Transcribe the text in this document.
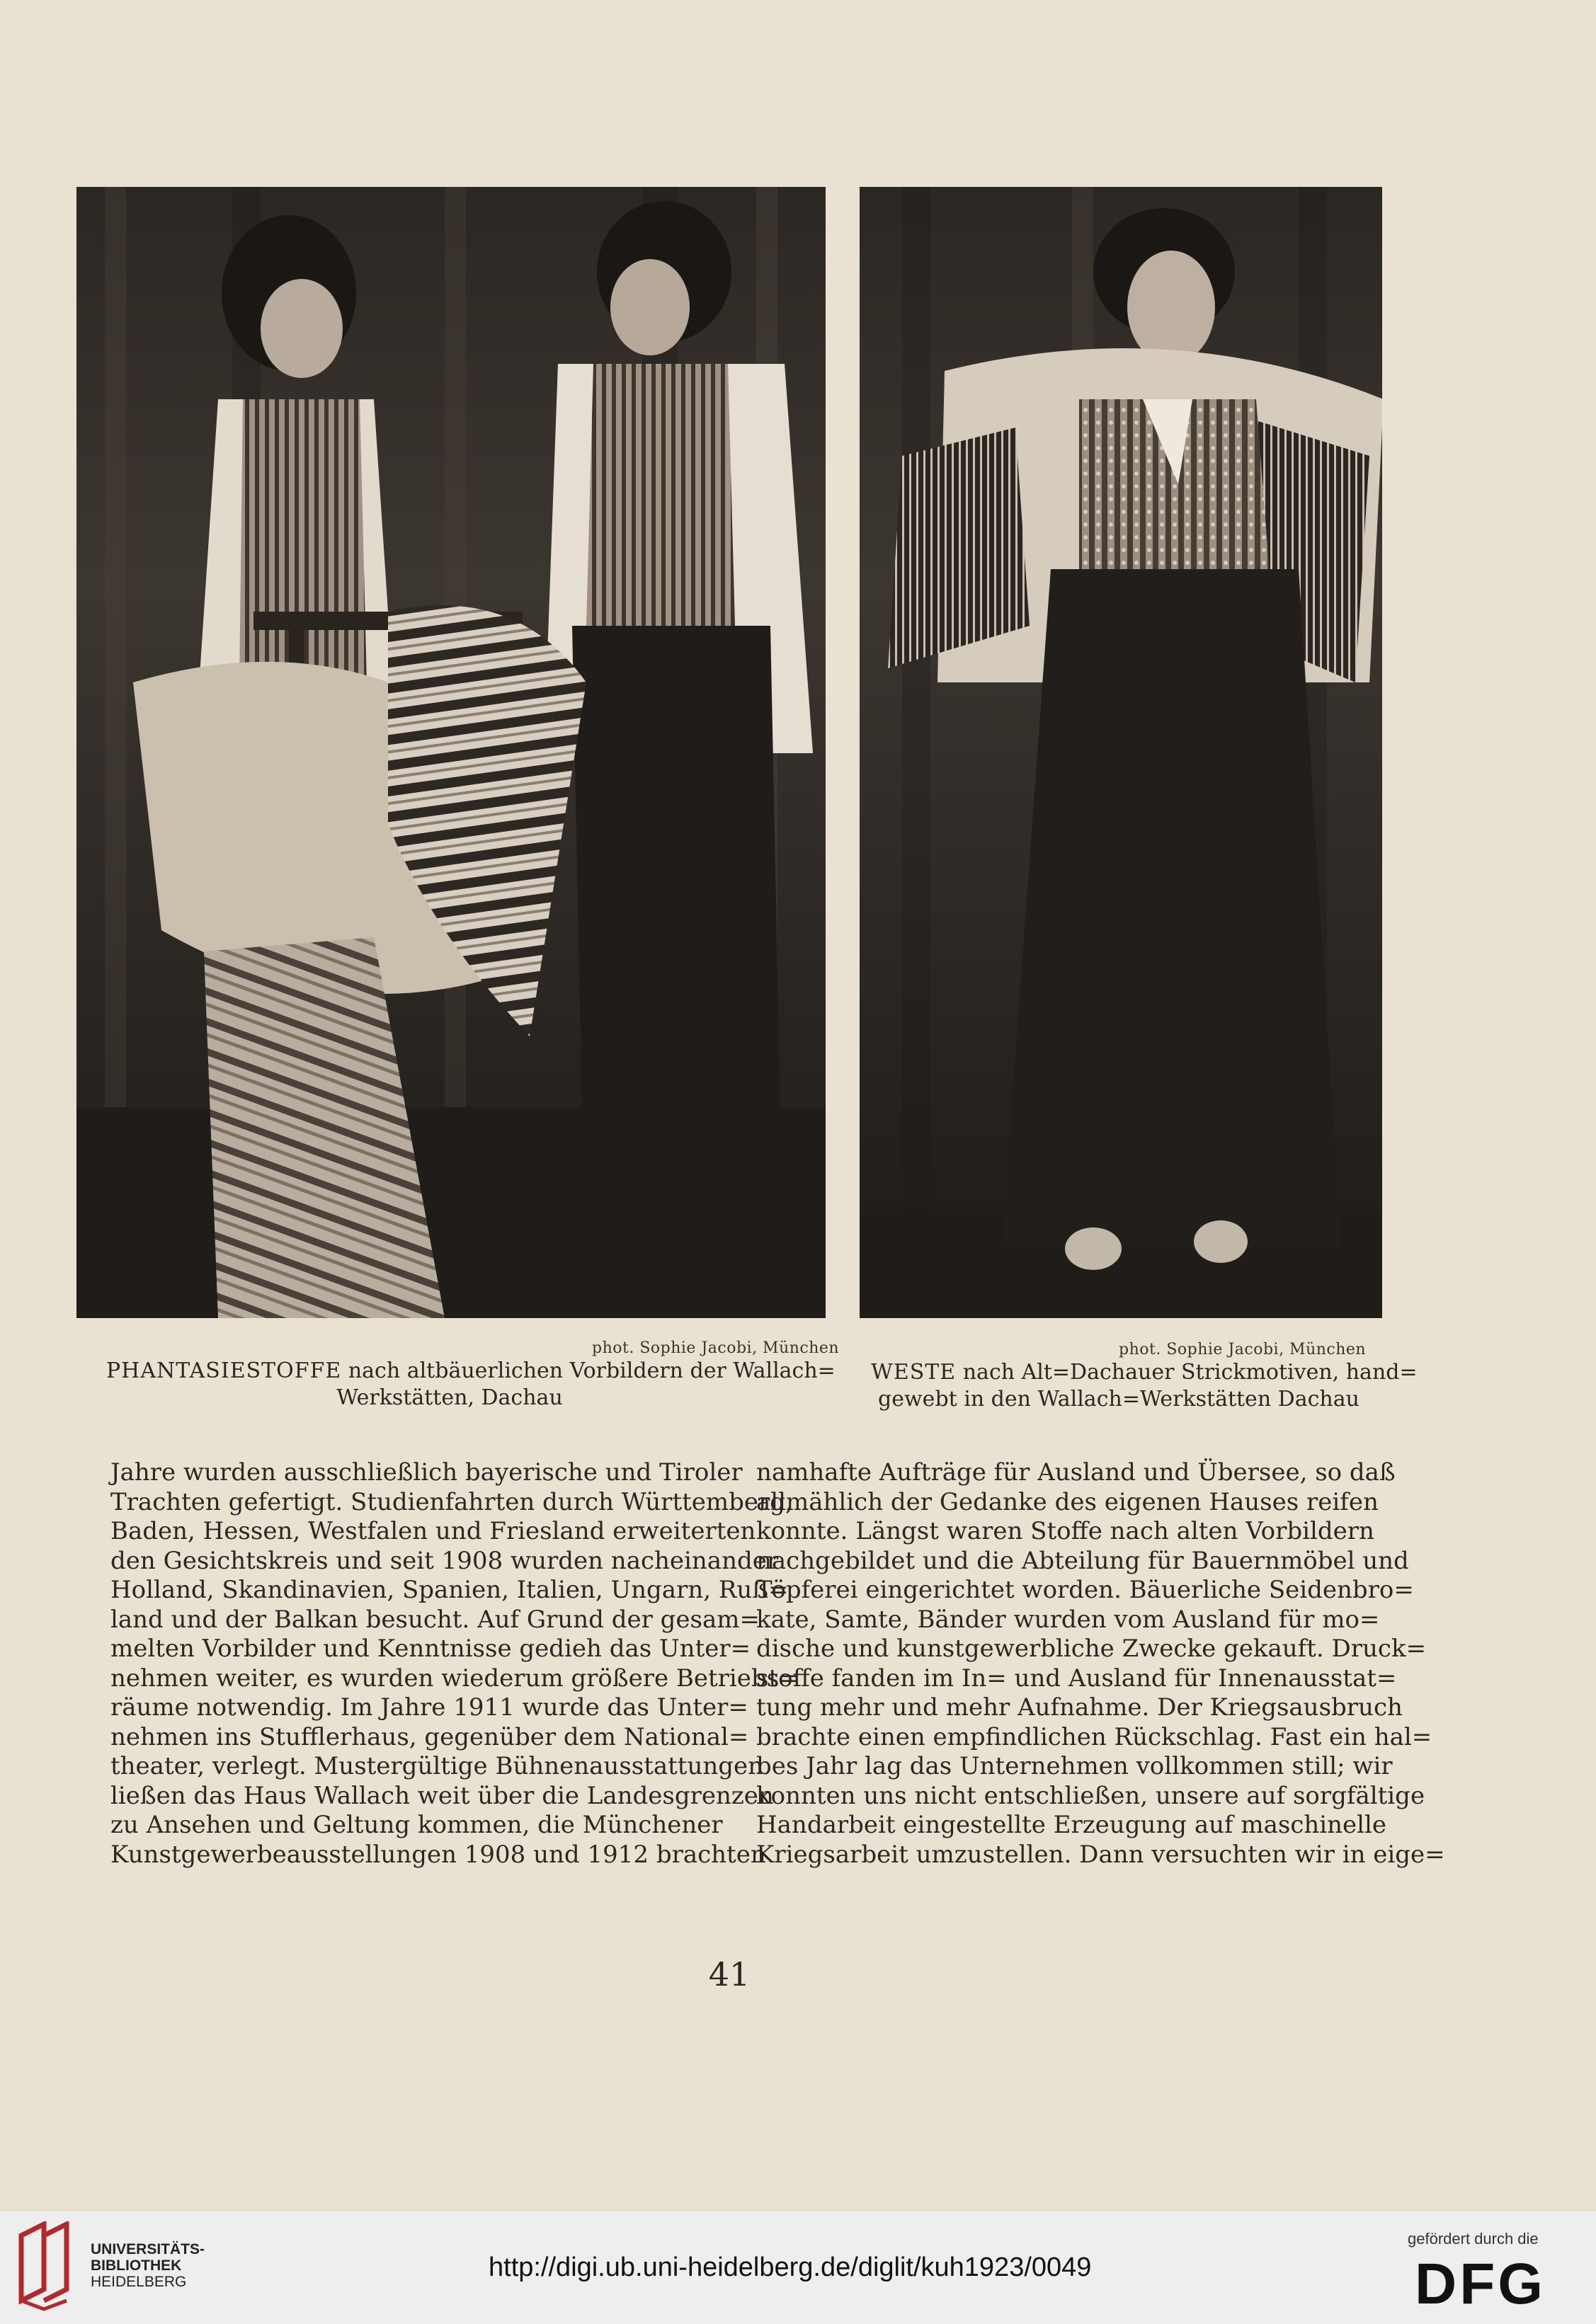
phot. Sophie Jacobi, München
PHANTASIESTOFFE nach altbäuerlichen Vorbildern der Wallach=
Werkstätten, Dachau
phot. Sophie Jacobi, München
WESTE nach Alt=Dachauer Strickmotiven, hand=
gewebt in den Wallach=Werkstätten Dachau
Jahre wurden ausschließlich bayerische und Tiroler
Trachten gefertigt. Studienfahrten durch Württemberg,
Baden, Hessen, Westfalen und Friesland erweiterten
den Gesichtskreis und seit 1908 wurden nacheinander
Holland, Skandinavien, Spanien, Italien, Ungarn, Ruß=
land und der Balkan besucht. Auf Grund der gesam=
melten Vorbilder und Kenntnisse gedieh das Unter=
nehmen weiter, es wurden wiederum größere Betriebs=
räume notwendig. Im Jahre 1911 wurde das Unter=
nehmen ins Stufflerhaus, gegenüber dem National=
theater, verlegt. Mustergültige Bühnenausstattungen
ließen das Haus Wallach weit über die Landesgrenzen
zu Ansehen und Geltung kommen, die Münchener
Kunstgewerbeausstellungen 1908 und 1912 brachten
namhafte Aufträge für Ausland und Übersee, so daß
allmählich der Gedanke des eigenen Hauses reifen
konnte. Längst waren Stoffe nach alten Vorbildern
nachgebildet und die Abteilung für Bauernmöbel und
Töpferei eingerichtet worden. Bäuerliche Seidenbro=
kate, Samte, Bänder wurden vom Ausland für mo=
dische und kunstgewerbliche Zwecke gekauft. Druck=
stoffe fanden im In= und Ausland für Innenausstat=
tung mehr und mehr Aufnahme. Der Kriegsausbruch
brachte einen empfindlichen Rückschlag. Fast ein hal=
bes Jahr lag das Unternehmen vollkommen still; wir
konnten uns nicht entschließen, unsere auf sorgfältige
Handarbeit eingestellte Erzeugung auf maschinelle
Kriegsarbeit umzustellen. Dann versuchten wir in eige=
41
UNIVERSITÄTS-
BIBLIOTHEK
HEIDELBERG	http://digi.ub.uni-heidelberg.de/diglit/kuh1923/0049
gefördert durch die
DFG
